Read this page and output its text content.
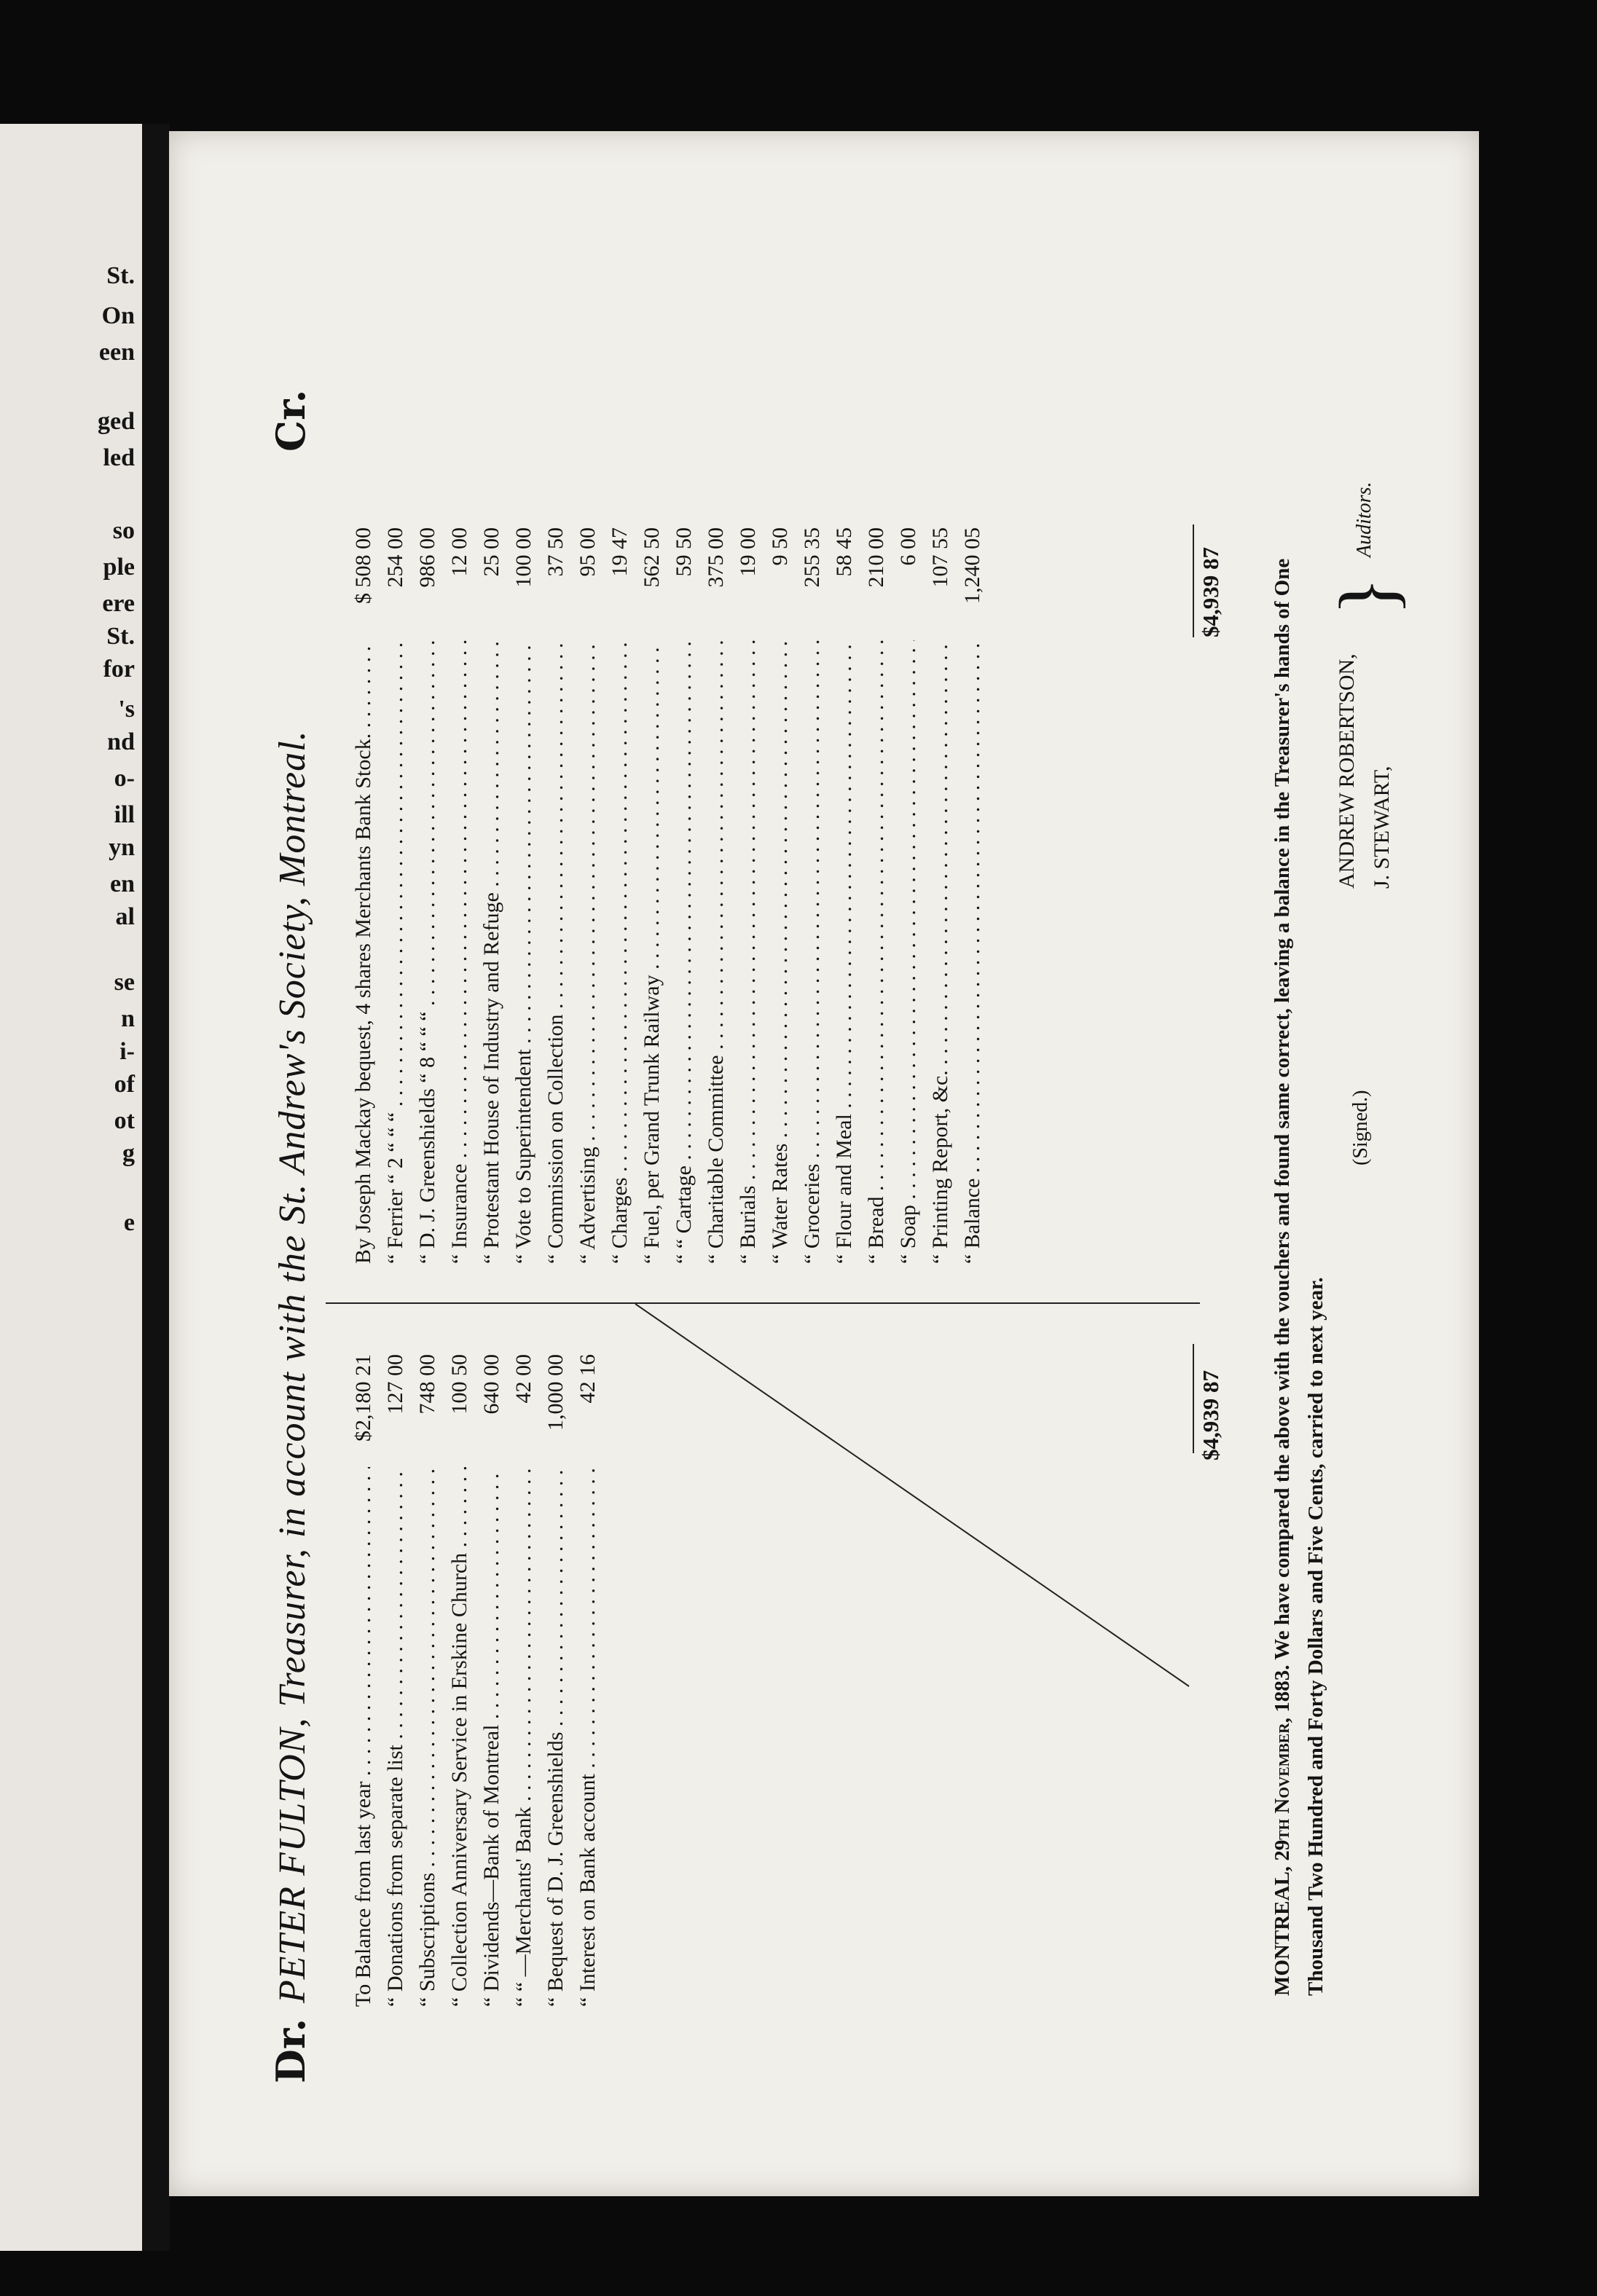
St.
On
een
ged
led
so
ple
ere
St.
for
's
nd
o-
ill
yn
en
al
se
n
i-
of
ot
g
e
Dr.
PETER FULTON, Treasurer, in account with the St. Andrew's Society, Montreal.
Cr.
To Balance from last year . . .
$2,180 21
“ Donations from separate list . . .
127 00
“ Subscriptions . . .
748 00
“ Collection Anniversary Service in Erskine Church . . .
100 50
“ Dividends—Bank of Montreal . . .
640 00
“ “ —Merchants' Bank . . .
42 00
“ Bequest of D. J. Greenshields . . .
1,000 00
“ Interest on Bank account . . .
42 16
By Joseph Mackay bequest, 4 shares Merchants Bank Stock. . . .
$ 508 00
“ Ferrier “ 2 “ “ “ . . .
254 00
“ D. J. Greenshields “ 8 “ “ “ . . .
986 00
“ Insurance . . .
12 00
“ Protestant House of Industry and Refuge . . .
25 00
“ Vote to Superintendent . . .
100 00
“ Commission on Collection . . .
37 50
“ Advertising . . .
95 00
“ Charges . . .
19 47
“ Fuel, per Grand Trunk Railway . . .
562 50
“ “ Cartage . . .
59 50
“ Charitable Committee . . .
375 00
“ Burials . . .
19 00
“ Water Rates . . .
9 50
“ Groceries . . .
255 35
“ Flour and Meal . . .
58 45
“ Bread . . .
210 00
“ Soap . . .
6 00
“ Printing Report, &c. . . .
107 55
“ Balance . . .
1,240 05
$4,939 87
$4,939 87
MONTREAL, 29th November, 1883. We have compared the above with the vouchers and found same correct, leaving a balance in the Treasurer's hands of One Thousand Two Hundred and Forty Dollars and Five Cents, carried to next year.
(Signed.)
ANDREW ROBERTSON, J. STEWART,
}
Auditors.
